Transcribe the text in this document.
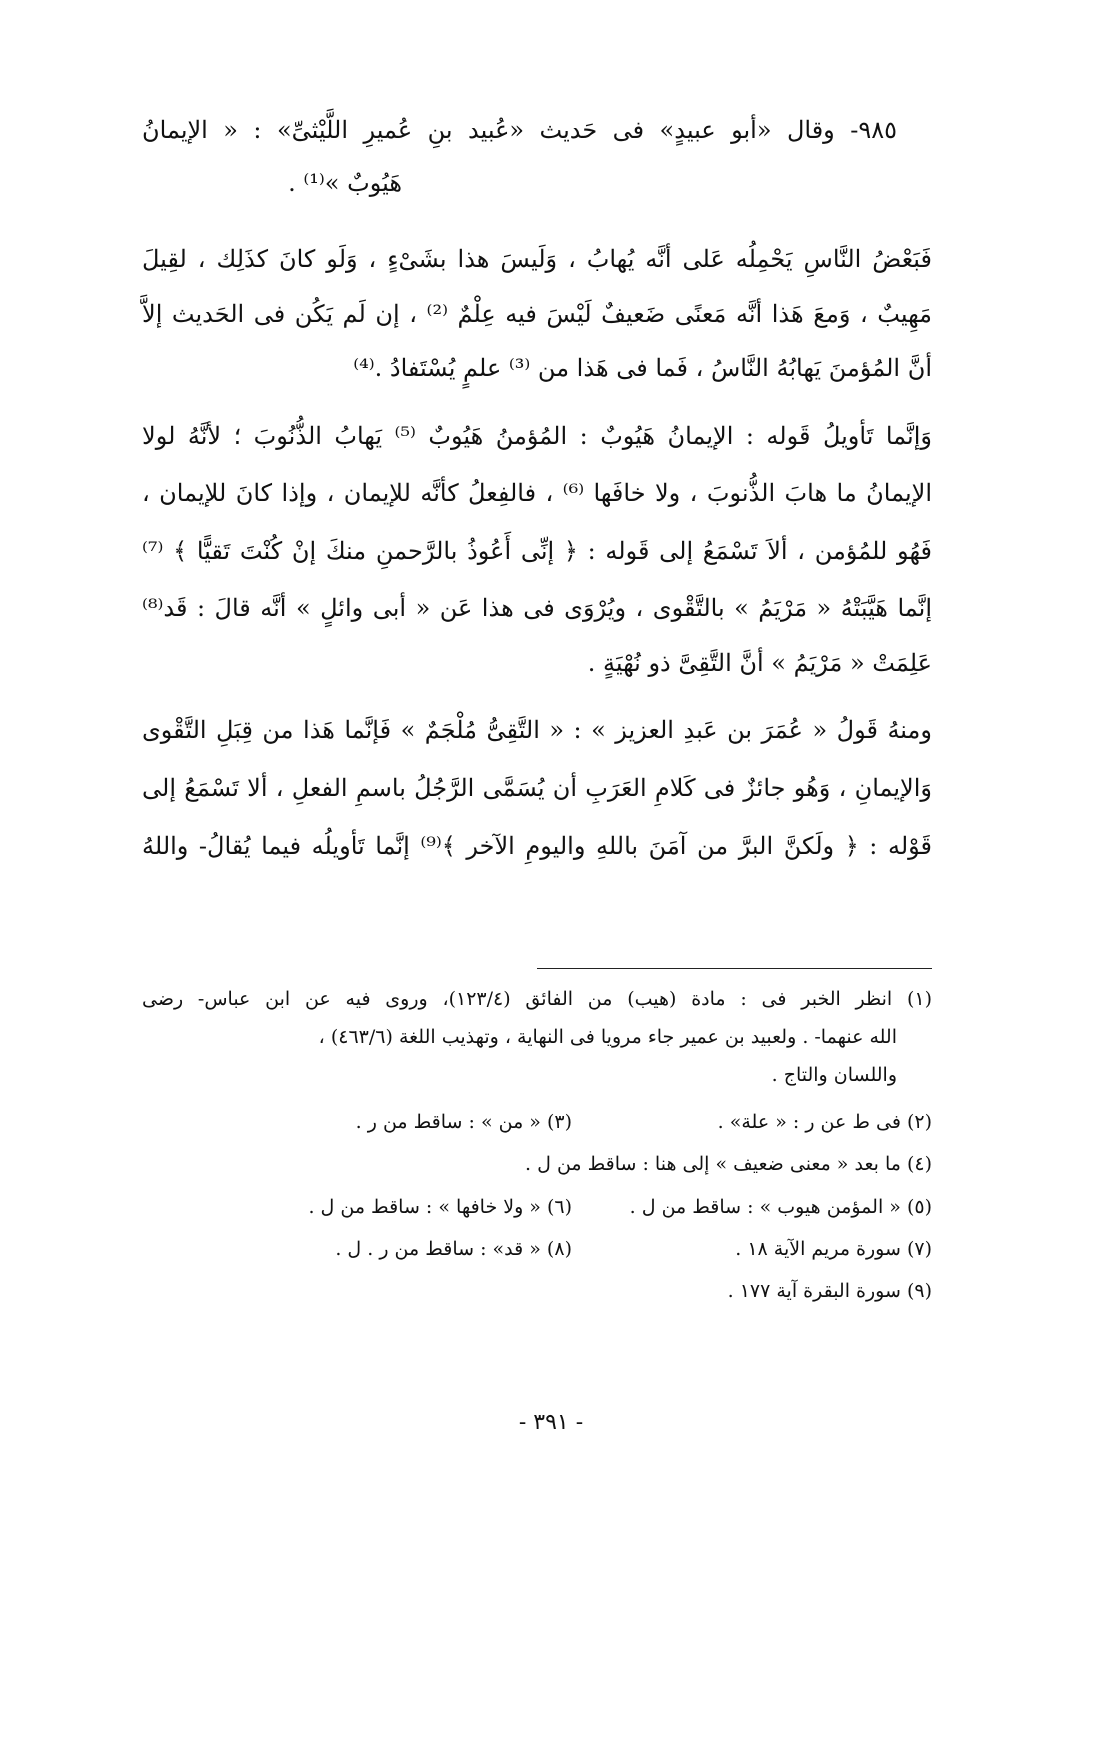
٩٨٥- وقال «أبو عبيدٍ» فى حَديث «عُبيد بنِ عُميرِ اللَّيْثىِّ» : « الإيمانُ
هَيُوبٌ »⁽¹⁾ .
فَبَعْضُ النَّاسِ يَحْمِلُه عَلى أنَّه يُهابُ ، وَلَيسَ هذا بشَىْءٍ ، وَلَو كانَ كذَلِك ، لقِيلَ
مَهِيبٌ ، وَمعَ هَذا أنَّه مَعنًى ضَعيفٌ لَيْسَ فيه عِلْمٌ ⁽²⁾ ، إن لَم يَكُن فى الحَديث إلاَّ
أنَّ المُؤمنَ يَهابُهُ النَّاسُ ، فَما فى هَذا من ⁽³⁾ علمٍ يُسْتَفادُ .⁽⁴⁾
وَإنَّما تَأويلُ قَوله : الإيمانُ هَيُوبٌ : المُؤمنُ هَيُوبٌ ⁽⁵⁾ يَهابُ الذُّنُوبَ ؛ لأنَّهُ لولا
الإيمانُ ما هابَ الذُّنوبَ ، ولا خافَها ⁽⁶⁾ ، فالفِعلُ كأنَّه للإيمان ، وإذا كانَ للإيمان ،
فَهُو للمُؤمن ، ألاَ تَسْمَعُ إلى قَوله : ﴿ إنِّى أَعُوذُ بالرَّحمنِ منكَ إنْ كُنْتَ تَقيًّا ﴾ ⁽⁷⁾
إنَّما هَيَّبَتْهُ « مَرْيَمُ » بالتَّقْوى ، ويُرْوَى فى هذا عَن « أبى وائلٍ » أنَّه قالَ : قَد⁽⁸⁾
عَلِمَتْ « مَرْيَمُ » أنَّ التَّقِىَّ ذو نُهْيَةٍ .
ومنهُ قَولُ « عُمَرَ بن عَبدِ العزيز » : « التَّقِىُّ مُلْجَمٌ » فَإنَّما هَذا من قِبَلِ التَّقْوى
وَالإيمانِ ، وَهُو جائزٌ فى كَلامِ العَرَبِ أن يُسَمَّى الرَّجُلُ باسمِ الفعلِ ، ألا تَسْمَعُ إلى
قَوْله : ﴿ ولَكنَّ البرَّ من آمَنَ باللهِ واليومِ الآخر ﴾⁽⁹⁾ إنَّما تَأويلُه فيما يُقالُ- واللهُ
(١) انظر الخبر فى : مادة (هيب) من الفائق (١٢٣/٤)، وروى فيه عن ابن عباس- رضى
الله عنهما- . ولعبيد بن عمير جاء مرويا فى النهاية ، وتهذيب اللغة (٤٦٣/٦) ،
واللسان والتاج .
(٢) فى ط عن ر : « علة» .
(٣) « من » : ساقط من ر .
(٤) ما بعد « معنى ضعيف » إلى هنا : ساقط من ل .
(٥) « المؤمن هيوب » : ساقط من ل .
(٦) « ولا خافها » : ساقط من ل .
(٧) سورة مريم الآية ١٨ .
(٨) « قد» : ساقط من ر . ل .
(٩) سورة البقرة آية ١٧٧ .
- ٣٩١ -
